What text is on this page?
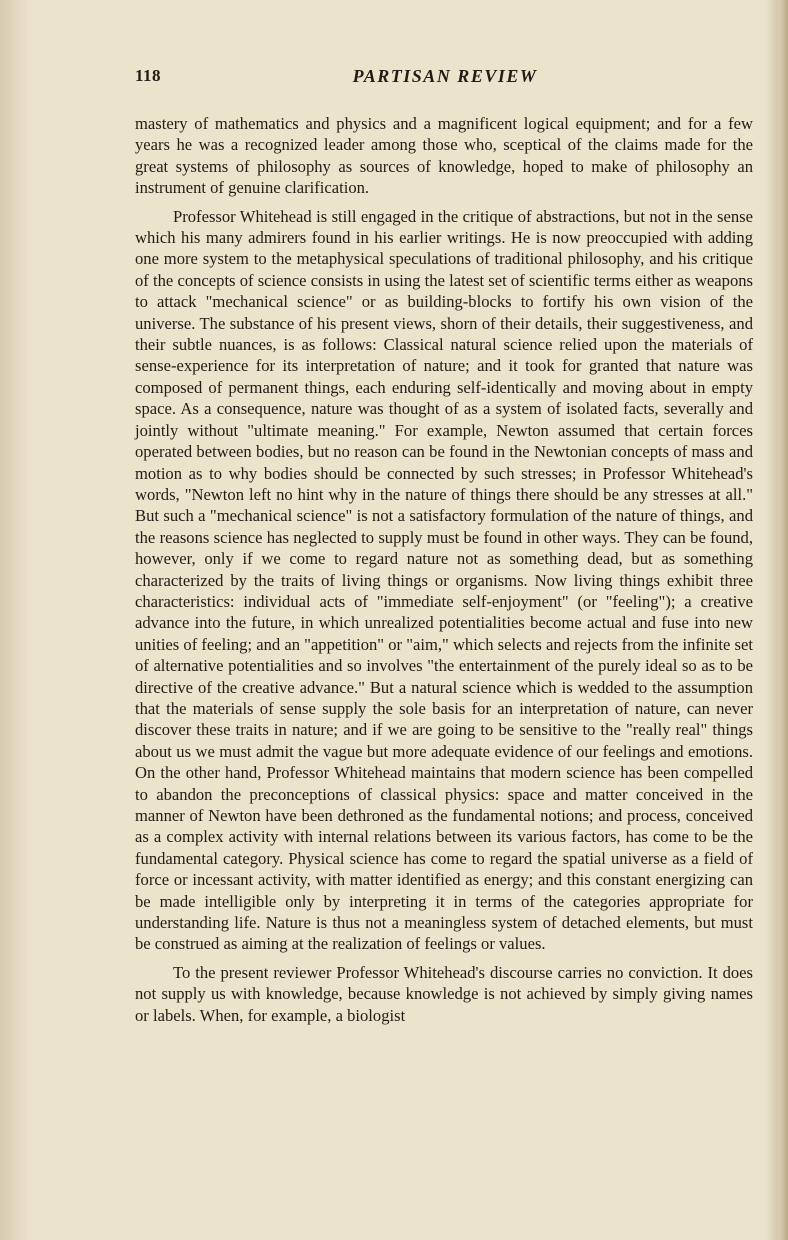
118	PARTISAN REVIEW

mastery of mathematics and physics and a magnificent logical equipment; and for a few years he was a recognized leader among those who, sceptical of the claims made for the great systems of philosophy as sources of knowledge, hoped to make of philosophy an instrument of genuine clarification.

Professor Whitehead is still engaged in the critique of abstractions, but not in the sense which his many admirers found in his earlier writings. He is now preoccupied with adding one more system to the metaphysical speculations of traditional philosophy, and his critique of the concepts of science consists in using the latest set of scientific terms either as weapons to attack "mechanical science" or as building-blocks to fortify his own vision of the universe. The substance of his present views, shorn of their details, their suggestiveness, and their subtle nuances, is as follows: Classical natural science relied upon the materials of sense-experience for its interpretation of nature; and it took for granted that nature was composed of permanent things, each enduring self-identically and moving about in empty space. As a consequence, nature was thought of as a system of isolated facts, severally and jointly without "ultimate meaning." For example, Newton assumed that certain forces operated between bodies, but no reason can be found in the Newtonian concepts of mass and motion as to why bodies should be connected by such stresses; in Professor Whitehead's words, "Newton left no hint why in the nature of things there should be any stresses at all." But such a "mechanical science" is not a satisfactory formulation of the nature of things, and the reasons science has neglected to supply must be found in other ways. They can be found, however, only if we come to regard nature not as something dead, but as something characterized by the traits of living things or organisms. Now living things exhibit three characteristics: individual acts of "immediate self-enjoyment" (or "feeling"); a creative advance into the future, in which unrealized potentialities become actual and fuse into new unities of feeling; and an "appetition" or "aim," which selects and rejects from the infinite set of alternative potentialities and so involves "the entertainment of the purely ideal so as to be directive of the creative advance." But a natural science which is wedded to the assumption that the materials of sense supply the sole basis for an interpretation of nature, can never discover these traits in nature; and if we are going to be sensitive to the "really real" things about us we must admit the vague but more adequate evidence of our feelings and emotions. On the other hand, Professor Whitehead maintains that modern science has been compelled to abandon the preconceptions of classical physics: space and matter conceived in the manner of Newton have been dethroned as the fundamental notions; and process, conceived as a complex activity with internal relations between its various factors, has come to be the fundamental category. Physical science has come to regard the spatial universe as a field of force or incessant activity, with matter identified as energy; and this constant energizing can be made intelligible only by interpreting it in terms of the categories appropriate for understanding life. Nature is thus not a meaningless system of detached elements, but must be construed as aiming at the realization of feelings or values.

To the present reviewer Professor Whitehead's discourse carries no conviction. It does not supply us with knowledge, because knowledge is not achieved by simply giving names or labels. When, for example, a biologist
